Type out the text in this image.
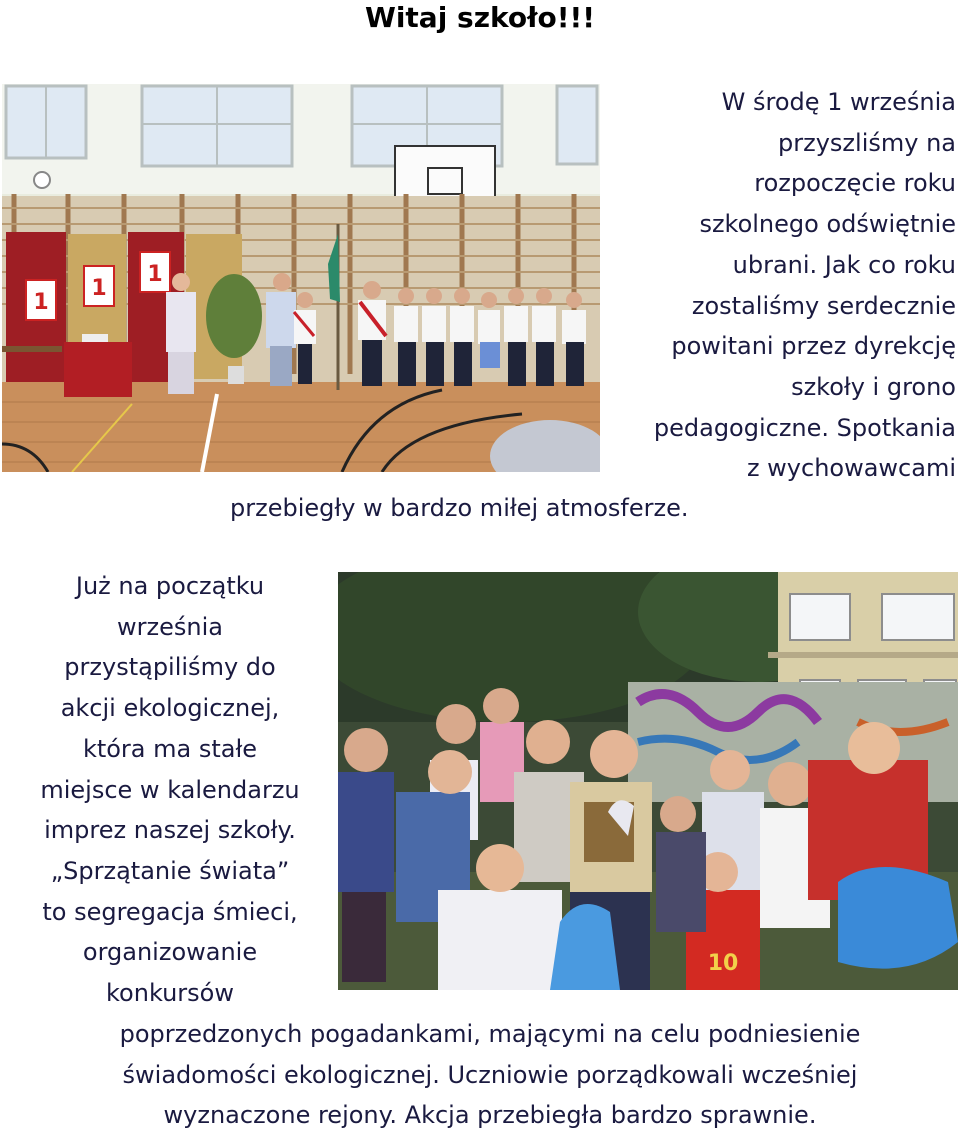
Witaj szkoło!!!
1
1
1
W środę 1 września
przyszliśmy na
rozpoczęcie roku
szkolnego odświętnie
ubrani. Jak co roku
zostaliśmy serdecznie
powitani przez dyrekcję
szkoły i grono
pedagogiczne. Spotkania
z wychowawcami
przebiegły w bardzo miłej atmosferze.
10
Już na początku
września
przystąpiliśmy do
akcji ekologicznej,
która ma stałe
miejsce w kalendarzu
imprez naszej szkoły.
„Sprzątanie świata”
to segregacja śmieci,
organizowanie
konkursów
poprzedzonych pogadankami, mającymi na celu podniesienie
świadomości ekologicznej. Uczniowie porządkowali wcześniej
wyznaczone rejony. Akcja przebiegła bardzo sprawnie.
